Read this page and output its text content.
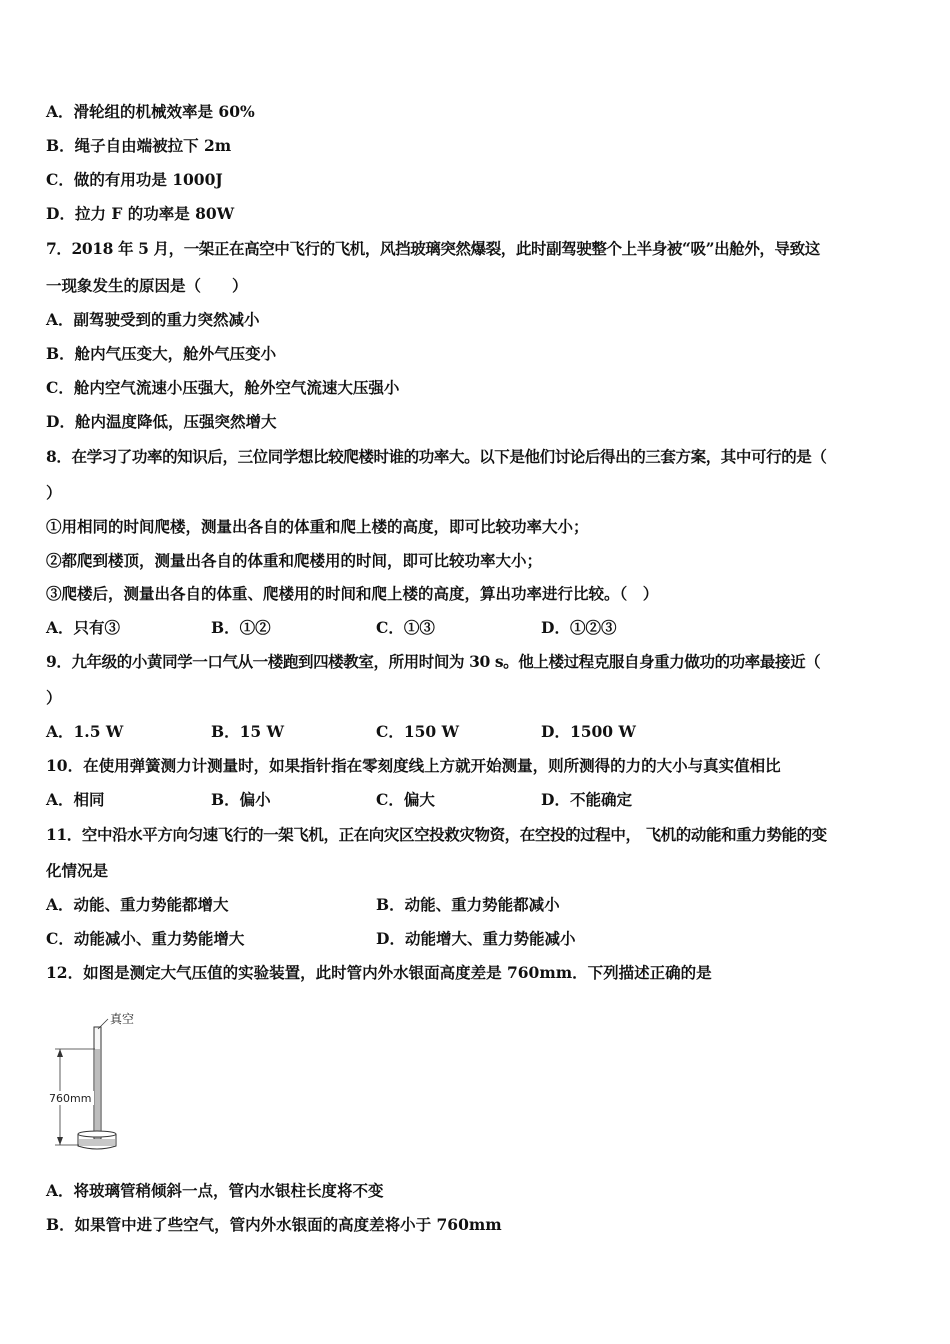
A．滑轮组的机械效率是 60%
B．绳子自由端被拉下 2m
C．做的有用功是 1000J
D．拉力 F 的功率是 80W
7．2018 年 5 月，一架正在高空中飞行的飞机，风挡玻璃突然爆裂，此时副驾驶整个上半身被“吸”出舱外，导致这
一现象发生的原因是（　　）
A．副驾驶受到的重力突然减小
B．舱内气压变大，舱外气压变小
C．舱内空气流速小压强大，舱外空气流速大压强小
D．舱内温度降低，压强突然增大
8．在学习了功率的知识后，三位同学想比较爬楼时谁的功率大。以下是他们讨论后得出的三套方案，其中可行的是（
）
①用相同的时间爬楼，测量出各自的体重和爬上楼的高度，即可比较功率大小；
②都爬到楼顶，测量出各自的体重和爬楼用的时间，即可比较功率大小；
③爬楼后，测量出各自的体重、爬楼用的时间和爬上楼的高度，算出功率进行比较。（　）
A．只有③	B．①②	C．①③	D．①②③
9．九年级的小黄同学一口气从一楼跑到四楼教室，所用时间为 30 s。他上楼过程克服自身重力做功的功率最接近（
）
A．1.5 W	B．15 W	C．150 W	D．1500 W
10．在使用弹簧测力计测量时，如果指针指在零刻度线上方就开始测量，则所测得的力的大小与真实值相比
A．相同	B．偏小	C．偏大	D．不能确定
11．空中沿水平方向匀速飞行的一架飞机，正在向灾区空投救灾物资，在空投的过程中， 飞机的动能和重力势能的变
化情况是
A．动能、重力势能都增大	B．动能、重力势能都减小
C．动能减小、重力势能增大	D．动能增大、重力势能减小
12．如图是测定大气压值的实验装置，此时管内外水银面高度差是 760mm．下列描述正确的是
真空
760mm
A．将玻璃管稍倾斜一点，管内水银柱长度将不变
B．如果管中进了些空气，管内外水银面的高度差将小于 760mm
